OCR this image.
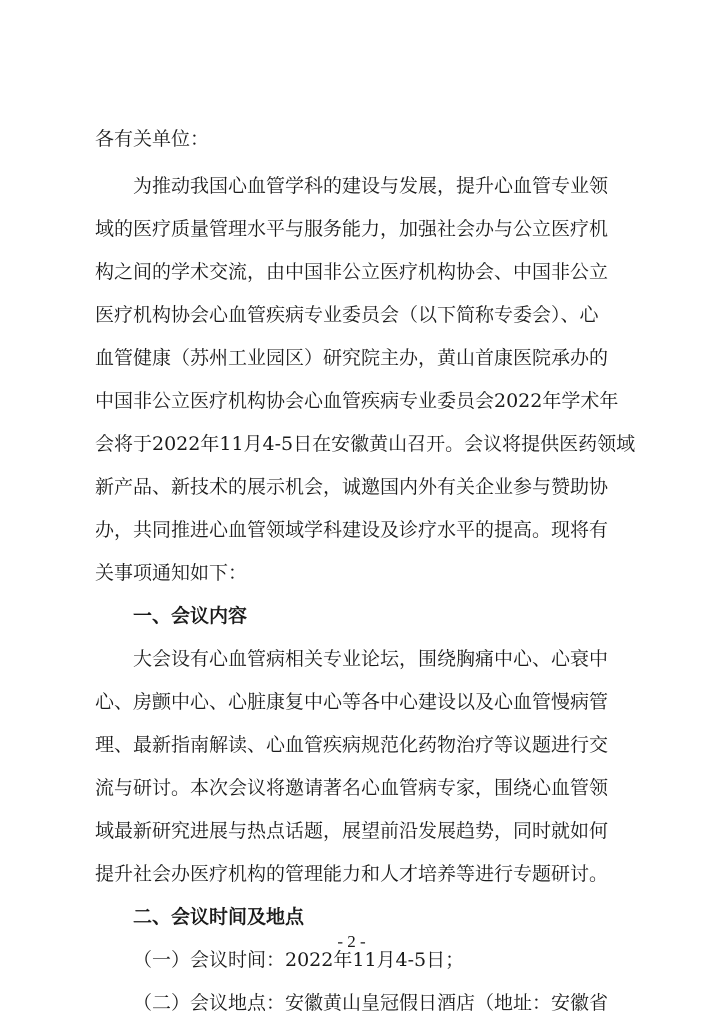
各有关单位：
为推动我国心血管学科的建设与发展，提升心血管专业领
域的医疗质量管理水平与服务能力，加强社会办与公立医疗机
构之间的学术交流，由中国非公立医疗机构协会、中国非公立
医疗机构协会心血管疾病专业委员会（以下简称专委会）、心
血管健康（苏州工业园区）研究院主办，黄山首康医院承办的
中国非公立医疗机构协会心血管疾病专业委员会2022年学术年
会将于2022年11月4-5日在安徽黄山召开。会议将提供医药领域
新产品、新技术的展示机会，诚邀国内外有关企业参与赞助协
办，共同推进心血管领域学科建设及诊疗水平的提高。现将有
关事项通知如下：
一、会议内容
大会设有心血管病相关专业论坛，围绕胸痛中心、心衰中
心、房颤中心、心脏康复中心等各中心建设以及心血管慢病管
理、最新指南解读、心血管疾病规范化药物治疗等议题进行交
流与研讨。本次会议将邀请著名心血管病专家，围绕心血管领
域最新研究进展与热点话题，展望前沿发展趋势，同时就如何
提升社会办医疗机构的管理能力和人才培养等进行专题研讨。
二、会议时间及地点
（一）会议时间：2022年11月4-5日；
（二）会议地点：安徽黄山皇冠假日酒店（地址：安徽省
- 2 -
